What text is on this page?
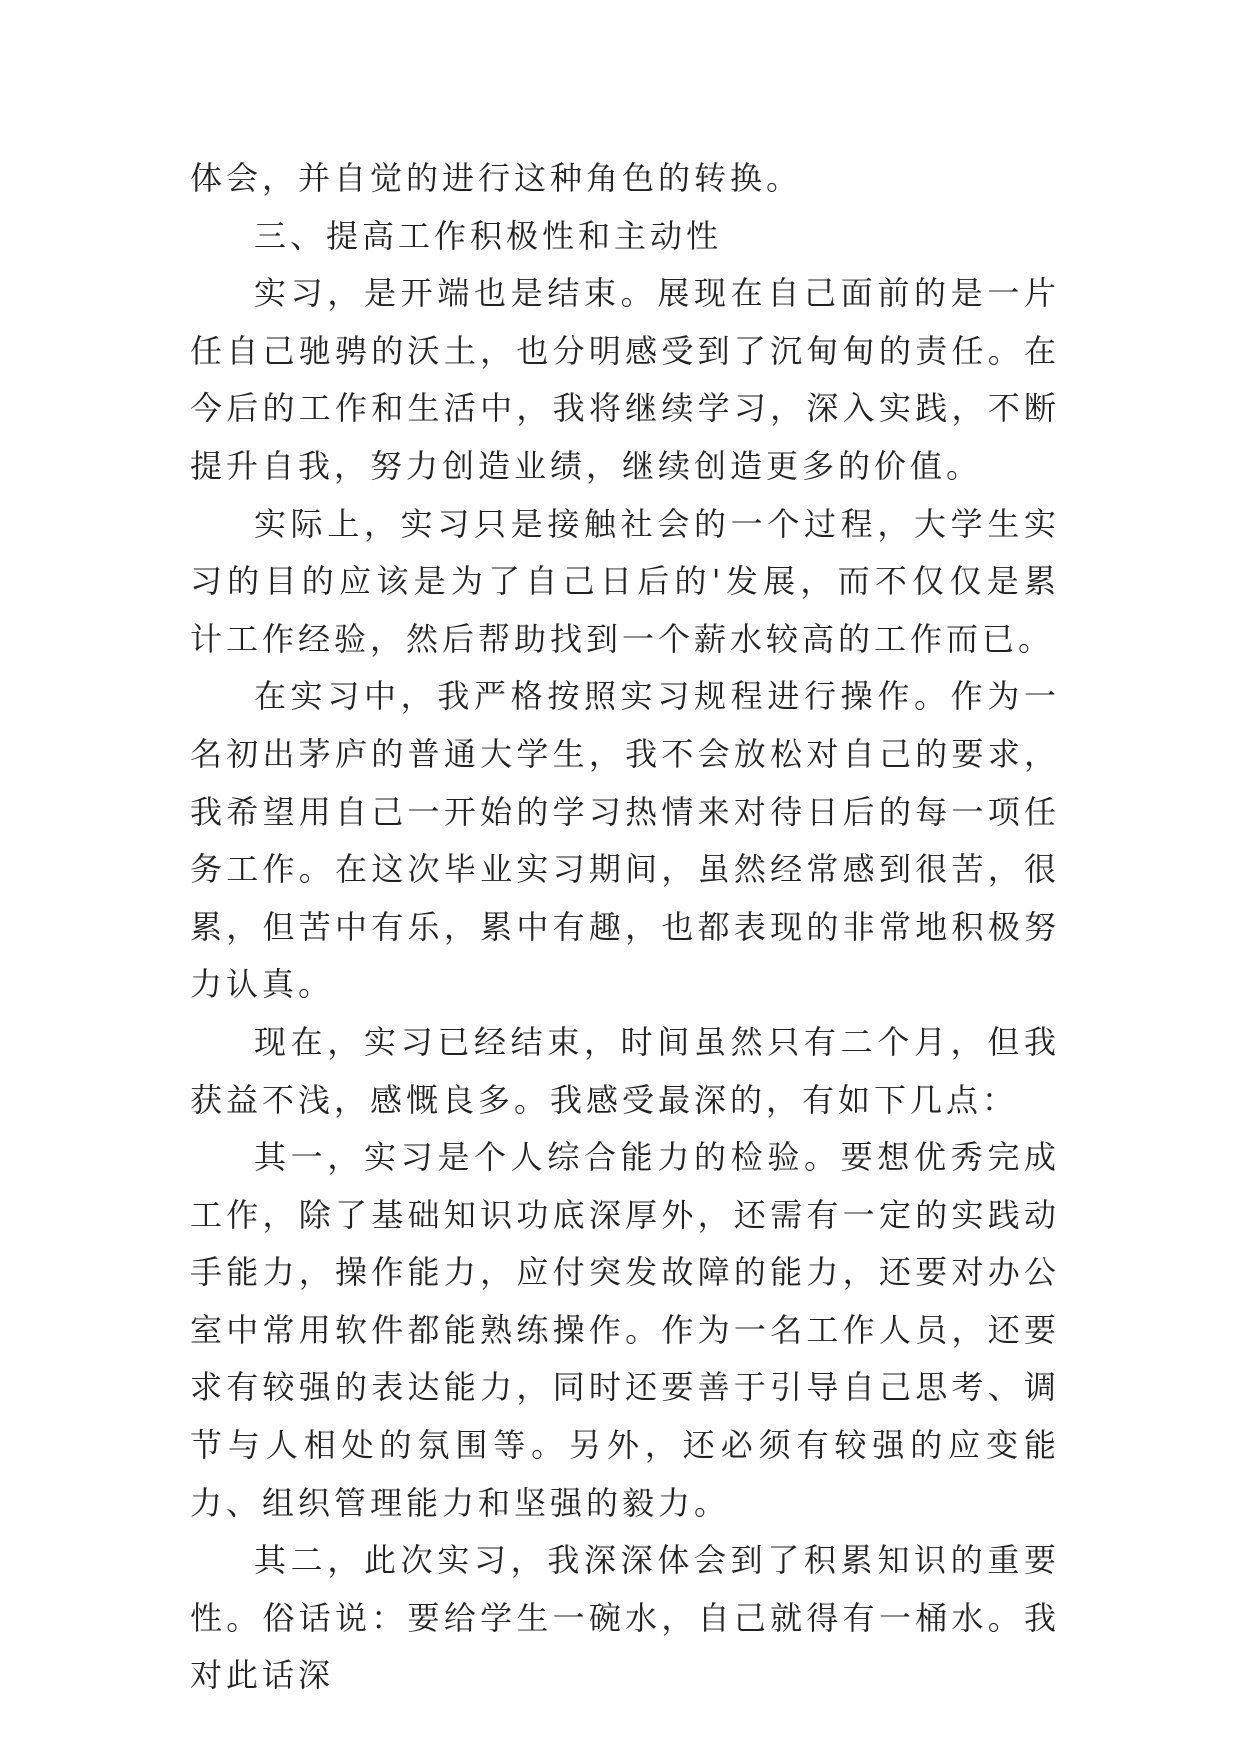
体会，并自觉的进行这种角色的转换。

三、提高工作积极性和主动性

实习，是开端也是结束。展现在自己面前的是一片任自己驰骋的沃土，也分明感受到了沉甸甸的责任。在今后的工作和生活中，我将继续学习，深入实践，不断提升自我，努力创造业绩，继续创造更多的价值。

实际上，实习只是接触社会的一个过程，大学生实习的目的应该是为了自己日后的'发展，而不仅仅是累计工作经验，然后帮助找到一个薪水较高的工作而已。

在实习中，我严格按照实习规程进行操作。作为一名初出茅庐的普通大学生，我不会放松对自己的要求，我希望用自己一开始的学习热情来对待日后的每一项任务工作。在这次毕业实习期间，虽然经常感到很苦，很累，但苦中有乐，累中有趣，也都表现的非常地积极努力认真。

现在，实习已经结束，时间虽然只有二个月，但我获益不浅，感慨良多。我感受最深的，有如下几点：

其一，实习是个人综合能力的检验。要想优秀完成工作，除了基础知识功底深厚外，还需有一定的实践动手能力，操作能力，应付突发故障的能力，还要对办公室中常用软件都能熟练操作。作为一名工作人员，还要求有较强的表达能力，同时还要善于引导自己思考、调节与人相处的氛围等。另外，还必须有较强的应变能力、组织管理能力和坚强的毅力。

其二，此次实习，我深深体会到了积累知识的重要性。俗话说：要给学生一碗水，自己就得有一桶水。我对此话深
